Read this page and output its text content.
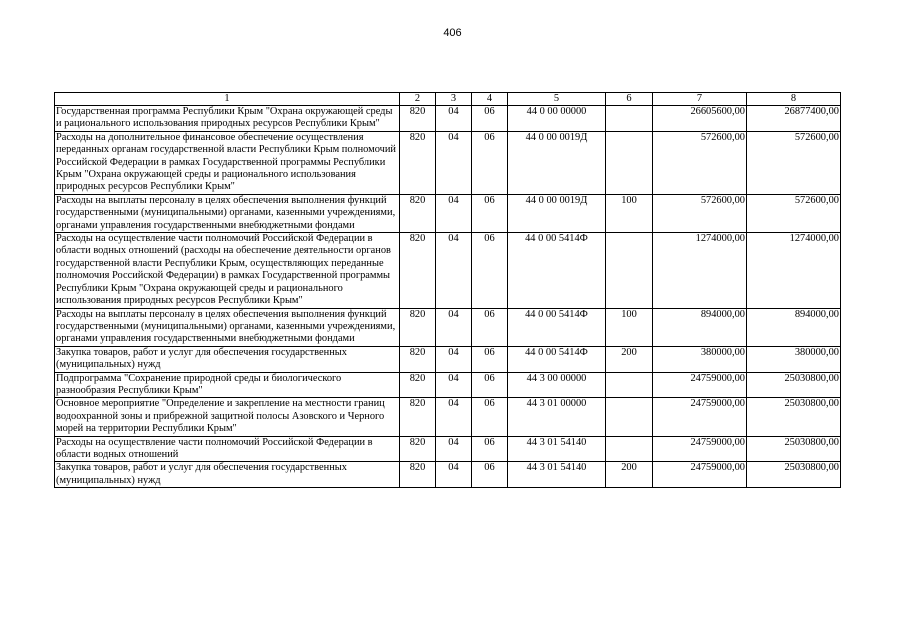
406
1	2	3	4	5	6	7	8
Государственная программа Республики Крым "Охрана окружающей среды и рационального использования природных ресурсов Республики Крым"	820	04	06	44 0 00 00000		26605600,00	26877400,00
Расходы на дополнительное финансовое обеспечение осуществления переданных органам государственной власти Республики Крым полномочий Российской Федерации в рамках Государственной программы Республики Крым "Охрана окружающей среды и рационального использования природных ресурсов Республики Крым"	820	04	06	44 0 00 0019Д		572600,00	572600,00
Расходы на выплаты персоналу в целях обеспечения выполнения функций государственными (муниципальными) органами, казенными учреждениями, органами управления государственными внебюджетными фондами	820	04	06	44 0 00 0019Д	100	572600,00	572600,00
Расходы на осуществление части полномочий Российской Федерации в области водных отношений (расходы на обеспечение деятельности органов государственной власти Республики Крым, осуществляющих переданные полномочия Российской Федерации) в рамках Государственной программы Республики Крым "Охрана окружающей среды и рационального использования природных ресурсов Республики Крым"	820	04	06	44 0 00 5414Ф		1274000,00	1274000,00
Расходы на выплаты персоналу в целях обеспечения выполнения функций государственными (муниципальными) органами, казенными учреждениями, органами управления государственными внебюджетными фондами	820	04	06	44 0 00 5414Ф	100	894000,00	894000,00
Закупка товаров, работ и услуг для обеспечения государственных (муниципальных) нужд	820	04	06	44 0 00 5414Ф	200	380000,00	380000,00
Подпрограмма "Сохранение природной среды и биологического разнообразия Республики Крым"	820	04	06	44 3 00 00000		24759000,00	25030800,00
Основное мероприятие "Определение и закрепление на местности границ водоохранной зоны и прибрежной защитной полосы Азовского и Черного морей на территории Республики Крым"	820	04	06	44 3 01 00000		24759000,00	25030800,00
Расходы на осуществление части полномочий Российской Федерации в области водных отношений	820	04	06	44 3 01 54140		24759000,00	25030800,00
Закупка товаров, работ и услуг для обеспечения государственных (муниципальных) нужд	820	04	06	44 3 01 54140	200	24759000,00	25030800,00
